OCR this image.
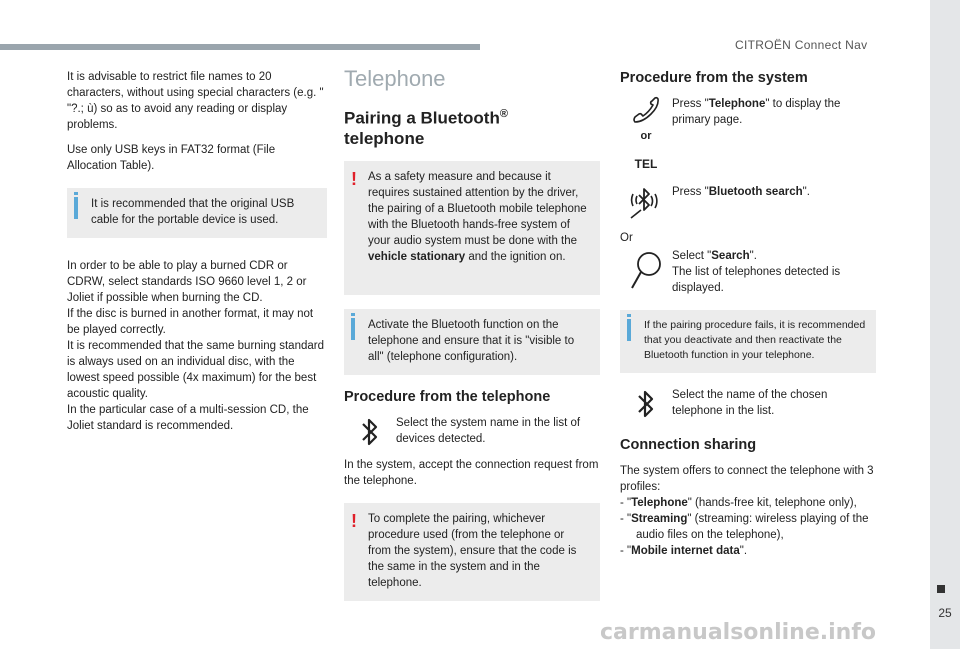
CITROËN Connect Nav
25
carmanualsonline.info

It is advisable to restrict file names to 20 characters, without using special characters (e.g. " "?.; ù) so as to avoid any reading or display problems.

Use only USB keys in FAT32 format (File Allocation Table).

It is recommended that the original USB cable for the portable device is used.
In order to be able to play a burned CDR or CDRW, select standards ISO 9660 level 1, 2 or Joliet if possible when burning the CD.
If the disc is burned in another format, it may not be played correctly.
It is recommended that the same burning standard is always used on an individual disc, with the lowest speed possible (4x maximum) for the best acoustic quality.
In the particular case of a multi-session CD, the Joliet standard is recommended.
Telephone
Pairing a Bluetooth®
telephone
! As a safety measure and because it requires sustained attention by the driver, the pairing of a Bluetooth mobile telephone with the Bluetooth hands-free system of your audio system must be done with the vehicle stationary and the ignition on.
Activate the Bluetooth function on the telephone and ensure that it is "visible to all" (telephone configuration).
Procedure from the telephone
Select the system name in the list of devices detected.

In the system, accept the connection request from the telephone.

! To complete the pairing, whichever procedure used (from the telephone or from the system), ensure that the code is the same in the system and in the telephone.
Procedure from the system
or
TEL
Press "Telephone" to display the primary page.
Press "Bluetooth search".
Or
Select "Search".
The list of telephones detected is displayed.
If the pairing procedure fails, it is recommended that you deactivate and then reactivate the Bluetooth function in your telephone.
Select the name of the chosen telephone in the list.
Connection sharing

The system offers to connect the telephone with 3 profiles:

- "Telephone" (hands-free kit, telephone only),
- "Streaming" (streaming: wireless playing of the audio files on the telephone),
- "Mobile internet data".
